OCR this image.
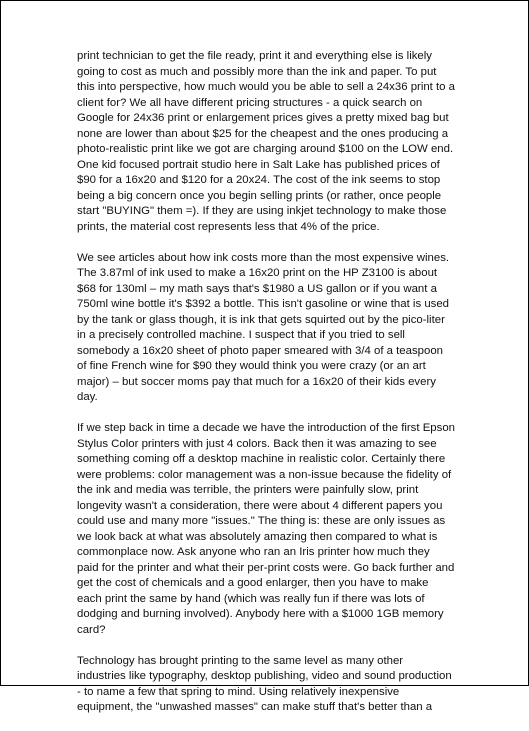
print technician to get the file ready, print it and everything else is likely
going to cost as much and possibly more than the ink and paper. To put
this into perspective, how much would you be able to sell a 24x36 print to a
client for? We all have different pricing structures - a quick search on
Google for 24x36 print or enlargement prices gives a pretty mixed bag but
none are lower than about $25 for the cheapest and the ones producing a
photo-realistic print like we got are charging around $100 on the LOW end.
One kid focused portrait studio here in Salt Lake has published prices of
$90 for a 16x20 and $120 for a 20x24. The cost of the ink seems to stop
being a big concern once you begin selling prints (or rather, once people
start "BUYING" them =). If they are using inkjet technology to make those
prints, the material cost represents less that 4% of the price.

We see articles about how ink costs more than the most expensive wines.
The 3.87ml of ink used to make a 16x20 print on the HP Z3100 is about
$68 for 130ml – my math says that's $1980 a US gallon or if you want a
750ml wine bottle it's $392 a bottle. This isn't gasoline or wine that is used
by the tank or glass though, it is ink that gets squirted out by the pico-liter
in a precisely controlled machine. I suspect that if you tried to sell
somebody a 16x20 sheet of photo paper smeared with 3/4 of a teaspoon
of fine French wine for $90 they would think you were crazy (or an art
major) – but soccer moms pay that much for a 16x20 of their kids every
day.

If we step back in time a decade we have the introduction of the first Epson
Stylus Color printers with just 4 colors. Back then it was amazing to see
something coming off a desktop machine in realistic color. Certainly there
were problems: color management was a non-issue because the fidelity of
the ink and media was terrible, the printers were painfully slow, print
longevity wasn't a consideration, there were about 4 different papers you
could use and many more "issues." The thing is: these are only issues as
we look back at what was absolutely amazing then compared to what is
commonplace now. Ask anyone who ran an Iris printer how much they
paid for the printer and what their per-print costs were. Go back further and
get the cost of chemicals and a good enlarger, then you have to make
each print the same by hand (which was really fun if there was lots of
dodging and burning involved). Anybody here with a $1000 1GB memory
card?

Technology has brought printing to the same level as many other
industries like typography, desktop publishing, video and sound production
- to name a few that spring to mind. Using relatively inexpensive
equipment, the "unwashed masses" can make stuff that's better than a
